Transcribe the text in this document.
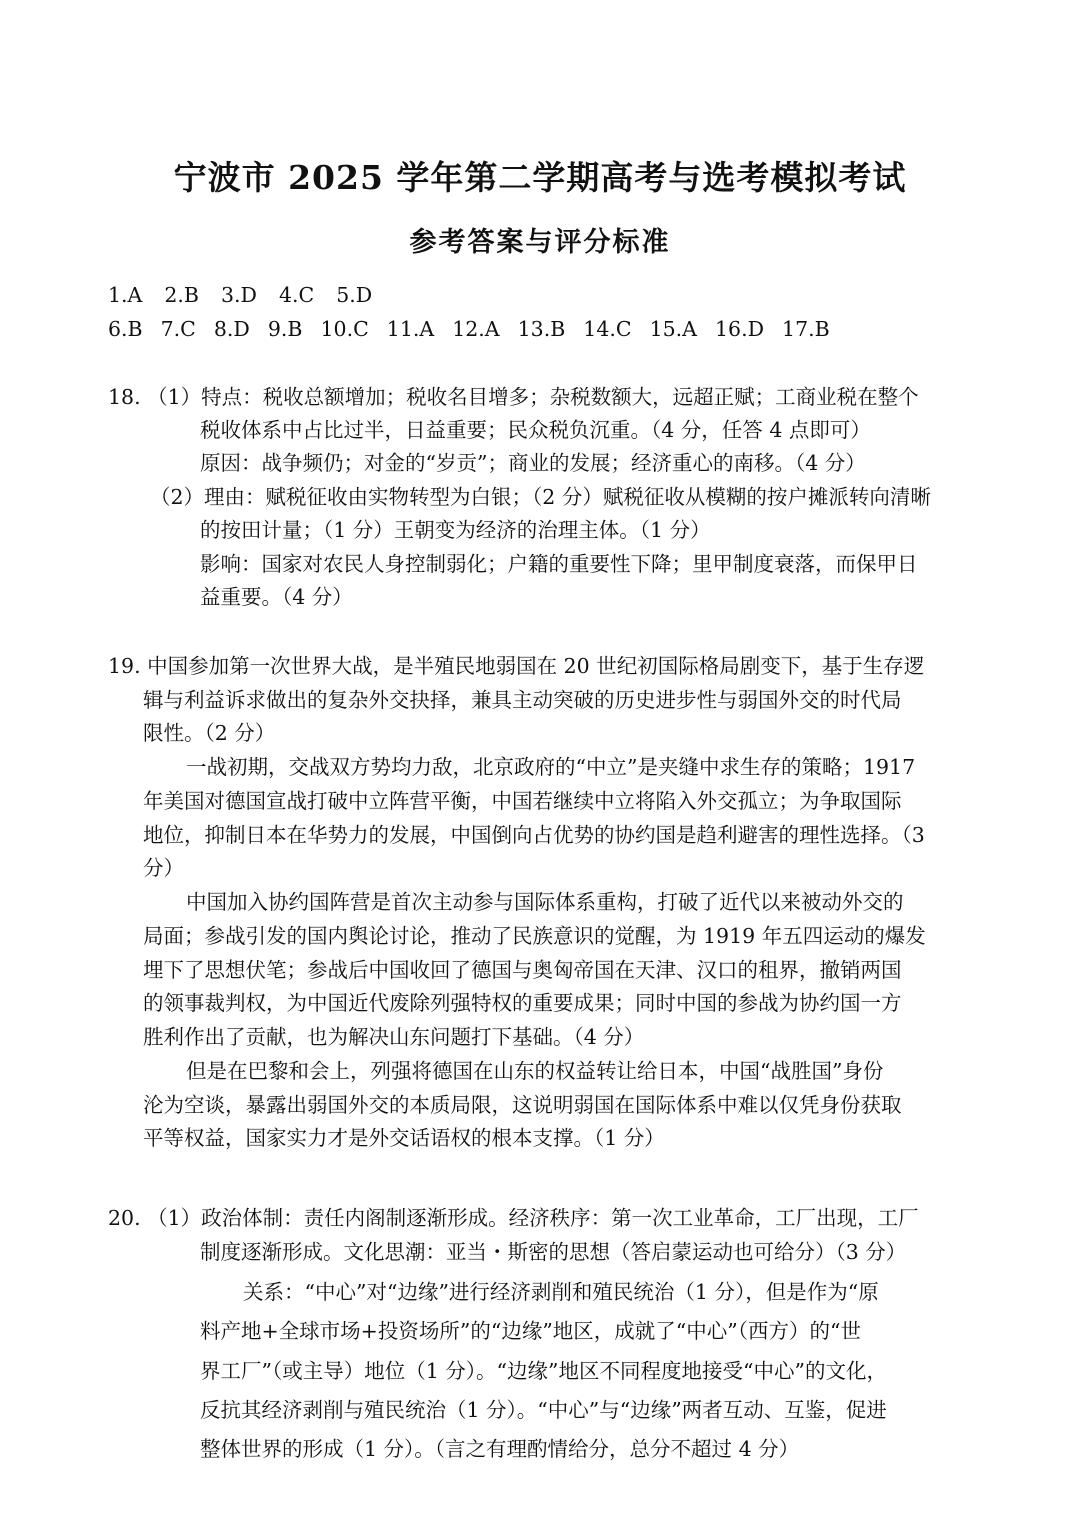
宁波市 2025 学年第二学期高考与选考模拟考试
参考答案与评分标准
1.A 2.B 3.D 4.C 5.D
6.B 7.C 8.D 9.B 10.C 11.A 12.A 13.B 14.C 15.A 16.D 17.B
18. （1）特点：税收总额增加；税收名目增多；杂税数额大，远超正赋；工商业税在整个
税收体系中占比过半，日益重要；民众税负沉重。（4 分，任答 4 点即可）
原因：战争频仍；对金的“岁贡”；商业的发展；经济重心的南移。（4 分）
（2）理由：赋税征收由实物转型为白银；（2 分）赋税征收从模糊的按户摊派转向清晰
的按田计量；（1 分）王朝变为经济的治理主体。（1 分）
影响：国家对农民人身控制弱化；户籍的重要性下降；里甲制度衰落，而保甲日
益重要。（4 分）
19. 中国参加第一次世界大战，是半殖民地弱国在 20 世纪初国际格局剧变下，基于生存逻
辑与利益诉求做出的复杂外交抉择，兼具主动突破的历史进步性与弱国外交的时代局
限性。（2 分）
一战初期，交战双方势均力敌，北京政府的“中立”是夹缝中求生存的策略；1917
年美国对德国宣战打破中立阵营平衡，中国若继续中立将陷入外交孤立；为争取国际
地位，抑制日本在华势力的发展，中国倒向占优势的协约国是趋利避害的理性选择。（3
分）
中国加入协约国阵营是首次主动参与国际体系重构，打破了近代以来被动外交的
局面；参战引发的国内舆论讨论，推动了民族意识的觉醒，为 1919 年五四运动的爆发
埋下了思想伏笔；参战后中国收回了德国与奥匈帝国在天津、汉口的租界，撤销两国
的领事裁判权，为中国近代废除列强特权的重要成果；同时中国的参战为协约国一方
胜利作出了贡献，也为解决山东问题打下基础。（4 分）
但是在巴黎和会上，列强将德国在山东的权益转让给日本，中国“战胜国”身份
沦为空谈，暴露出弱国外交的本质局限，这说明弱国在国际体系中难以仅凭身份获取
平等权益，国家实力才是外交话语权的根本支撑。（1 分）
20. （1）政治体制：责任内阁制逐渐形成。经济秩序：第一次工业革命，工厂出现，工厂
制度逐渐形成。文化思潮：亚当・斯密的思想（答启蒙运动也可给分）（3 分）
关系：“中心”对“边缘”进行经济剥削和殖民统治（1 分），但是作为“原
料产地+全球市场+投资场所”的“边缘”地区，成就了“中心”（西方）的“世
界工厂”（或主导）地位（1 分）。“边缘”地区不同程度地接受“中心”的文化，
反抗其经济剥削与殖民统治（1 分）。“中心”与“边缘”两者互动、互鉴，促进
整体世界的形成（1 分）。（言之有理酌情给分，总分不超过 4 分）
